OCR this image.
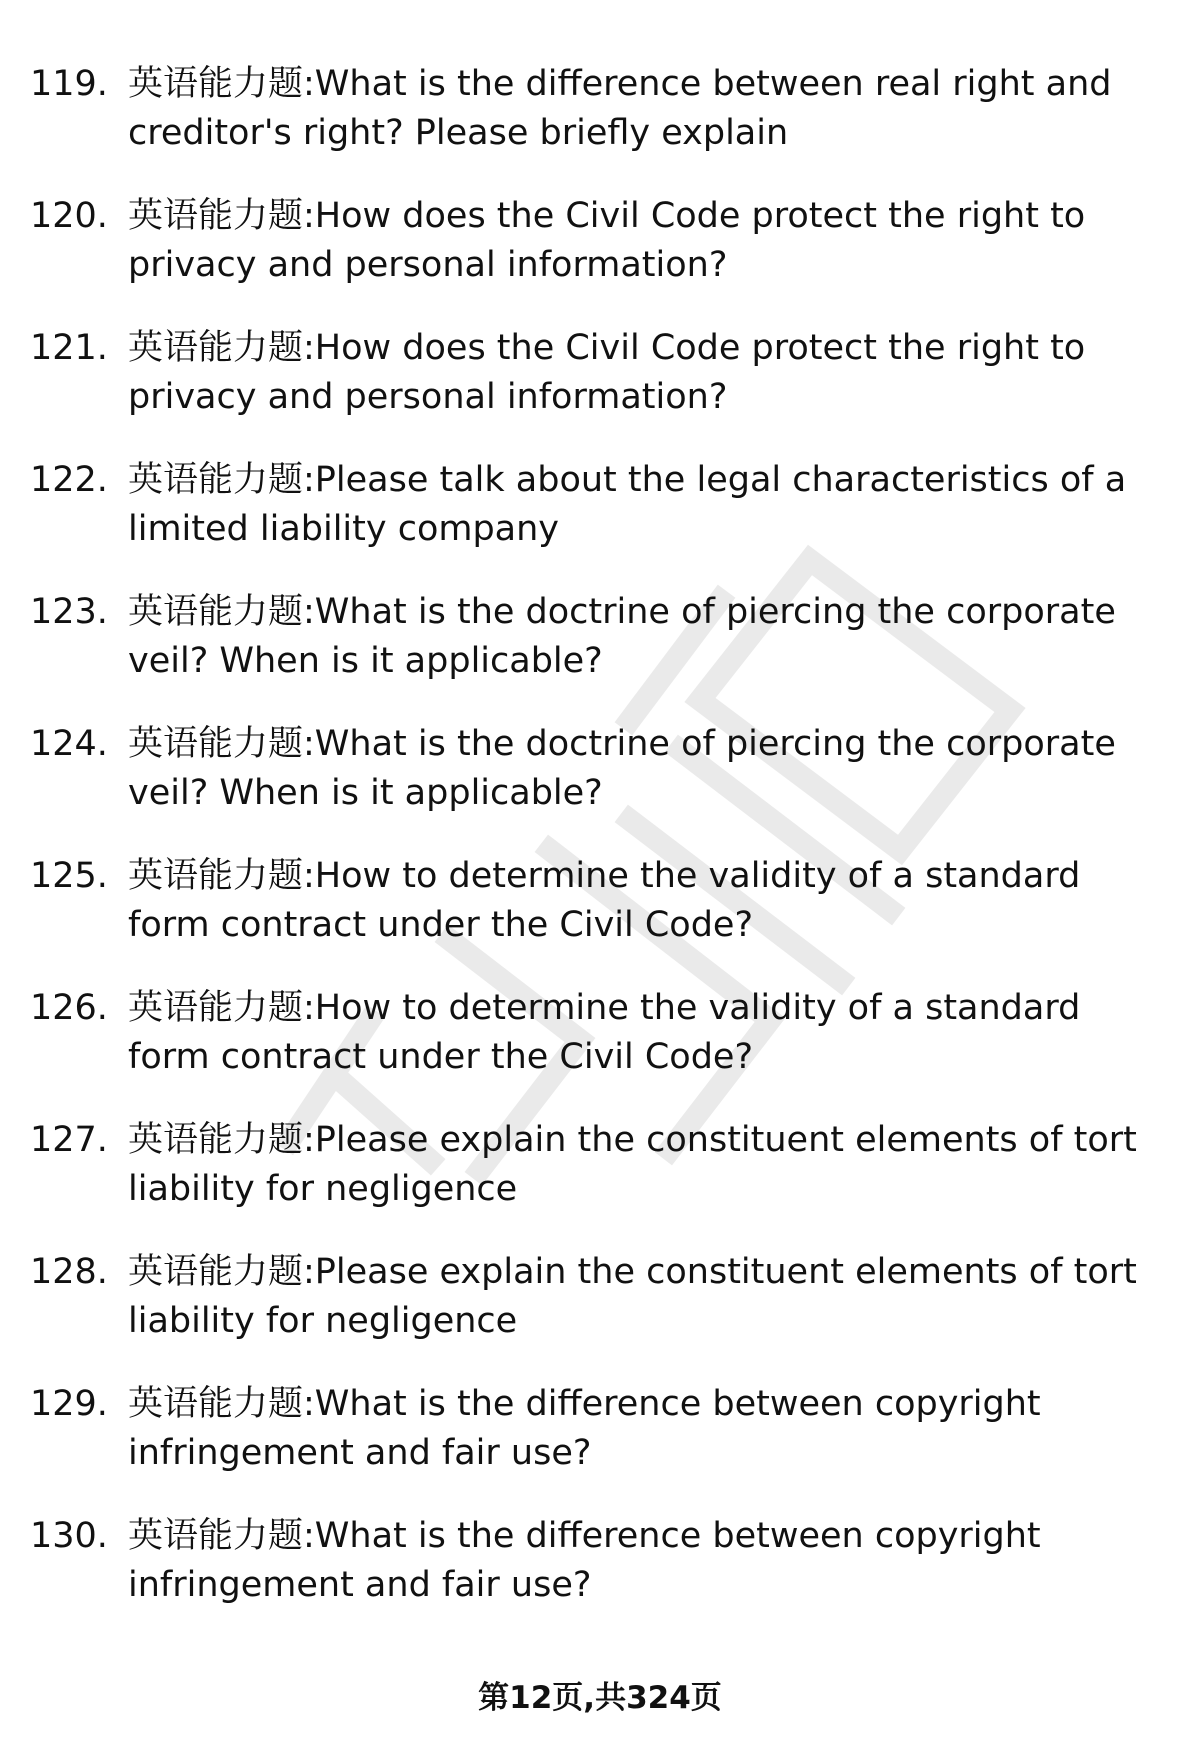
119. 英语能力题:What is the difference between real right and creditor's right? Please briefly explain
120. 英语能力题:How does the Civil Code protect the right to privacy and personal information?
121. 英语能力题:How does the Civil Code protect the right to privacy and personal information?
122. 英语能力题:Please talk about the legal characteristics of a limited liability company
123. 英语能力题:What is the doctrine of piercing the corporate veil? When is it applicable?
124. 英语能力题:What is the doctrine of piercing the corporate veil? When is it applicable?
125. 英语能力题:How to determine the validity of a standard form contract under the Civil Code?
126. 英语能力题:How to determine the validity of a standard form contract under the Civil Code?
127. 英语能力题:Please explain the constituent elements of tort liability for negligence
128. 英语能力题:Please explain the constituent elements of tort liability for negligence
129. 英语能力题:What is the difference between copyright infringement and fair use?
130. 英语能力题:What is the difference between copyright infringement and fair use?
第12页,共324页
